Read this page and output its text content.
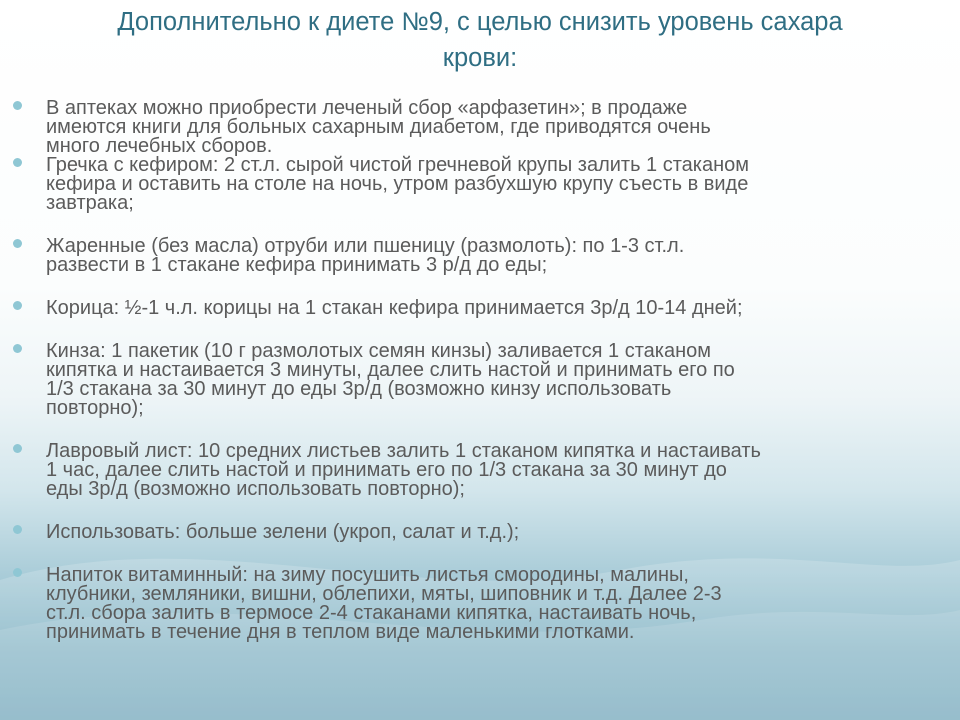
Дополнительно к диете №9, с целью снизить уровень сахара
крови:
В аптеках можно приобрести леченый сбор «арфазетин»; в продаже
имеются книги для больных сахарным диабетом, где приводятся очень
много лечебных сборов.
Гречка с кефиром: 2 ст.л. сырой чистой гречневой крупы залить 1 стаканом
кефира и оставить на столе на ночь, утром разбухшую крупу съесть в виде
завтрака;
Жаренные (без масла) отруби или пшеницу (размолоть): по 1-3 ст.л.
развести в 1 стакане кефира принимать 3 р/д до еды;
Корица: ½-1 ч.л. корицы на 1 стакан кефира принимается 3р/д 10-14 дней;
Кинза: 1 пакетик (10 г размолотых семян кинзы) заливается 1 стаканом
кипятка и настаивается 3 минуты, далее слить настой и принимать его по
1/3 стакана за 30 минут до еды 3р/д (возможно кинзу использовать
повторно);
Лавровый лист: 10 средних листьев залить 1 стаканом кипятка и настаивать
1 час, далее слить настой и принимать его по 1/3 стакана за 30 минут до
еды 3р/д (возможно использовать повторно);
Использовать: больше зелени (укроп, салат и т.д.);
Напиток витаминный: на зиму посушить листья смородины, малины,
клубники, земляники, вишни, облепихи, мяты, шиповник и т.д. Далее 2-3
ст.л. сбора залить в термосе 2-4 стаканами кипятка, настаивать ночь,
принимать в течение дня в теплом виде маленькими глотками.
